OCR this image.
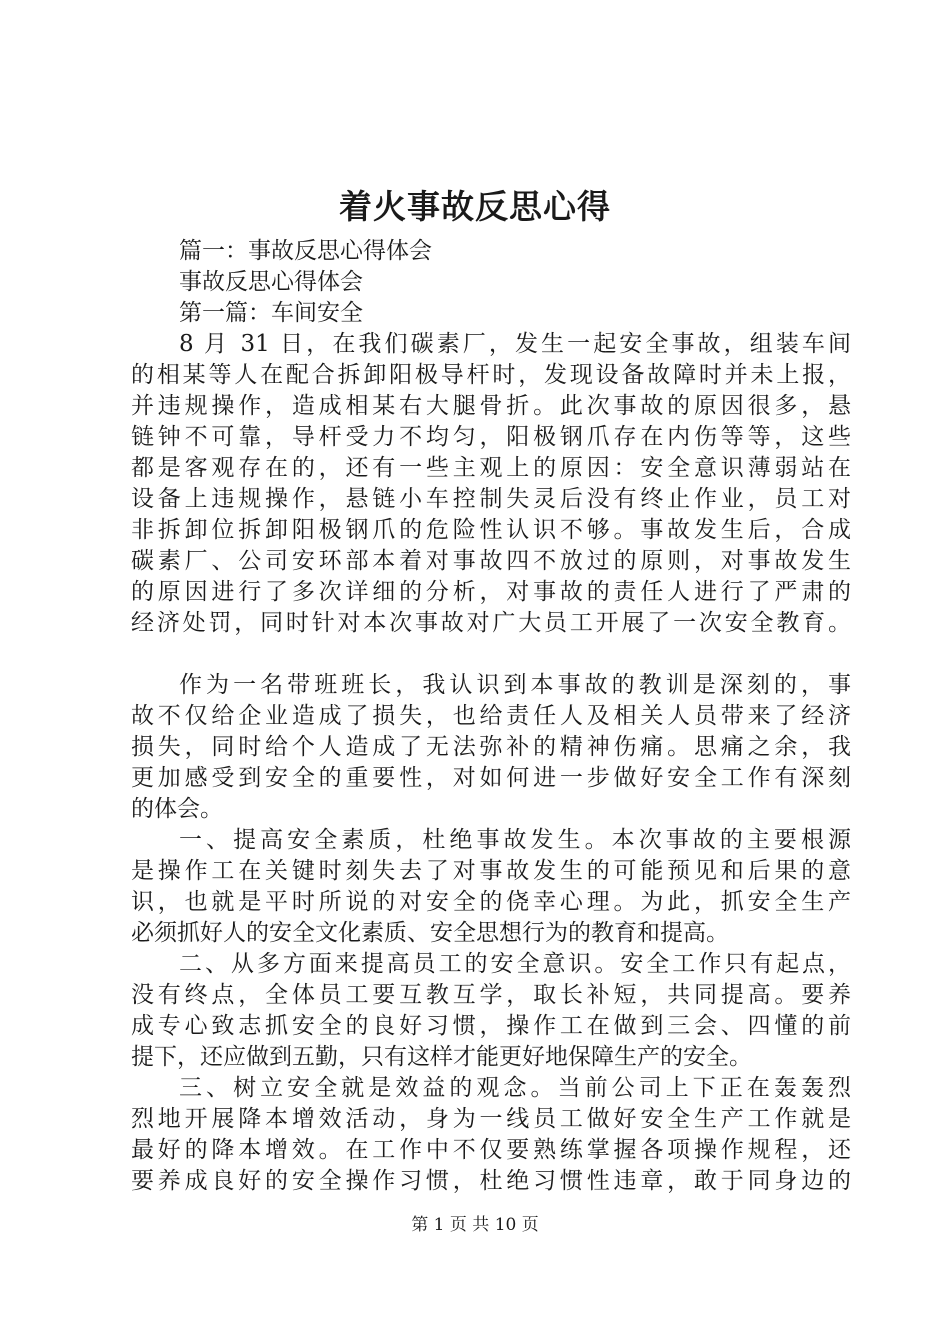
着火事故反思心得
篇一：事故反思心得体会
事故反思心得体会
第一篇：车间安全
8 月 31 日，在我们碳素厂，发生一起安全事故，组装车间
的相某等人在配合拆卸阳极导杆时，发现设备故障时并未上报，
并违规操作，造成相某右大腿骨折。此次事故的原因很多，悬
链钟不可靠，导杆受力不均匀，阳极钢爪存在内伤等等，这些
都是客观存在的，还有一些主观上的原因：安全意识薄弱站在
设备上违规操作，悬链小车控制失灵后没有终止作业，员工对
非拆卸位拆卸阳极钢爪的危险性认识不够。事故发生后，合成
碳素厂、公司安环部本着对事故四不放过的原则，对事故发生
的原因进行了多次详细的分析，对事故的责任人进行了严肃的
经济处罚，同时针对本次事故对广大员工开展了一次安全教育。
作为一名带班班长，我认识到本事故的教训是深刻的，事
故不仅给企业造成了损失，也给责任人及相关人员带来了经济
损失，同时给个人造成了无法弥补的精神伤痛。思痛之余，我
更加感受到安全的重要性，对如何进一步做好安全工作有深刻
的体会。
一、提高安全素质，杜绝事故发生。本次事故的主要根源
是操作工在关键时刻失去了对事故发生的可能预见和后果的意
识，也就是平时所说的对安全的侥幸心理。为此，抓安全生产
必须抓好人的安全文化素质、安全思想行为的教育和提高。
二、从多方面来提高员工的安全意识。安全工作只有起点，
没有终点，全体员工要互教互学，取长补短，共同提高。要养
成专心致志抓安全的良好习惯，操作工在做到三会、四懂的前
提下，还应做到五勤，只有这样才能更好地保障生产的安全。
三、树立安全就是效益的观念。当前公司上下正在轰轰烈
烈地开展降本增效活动，身为一线员工做好安全生产工作就是
最好的降本增效。在工作中不仅要熟练掌握各项操作规程，还
要养成良好的安全操作习惯，杜绝习惯性违章，敢于同身边的
第 1 页 共 10 页
